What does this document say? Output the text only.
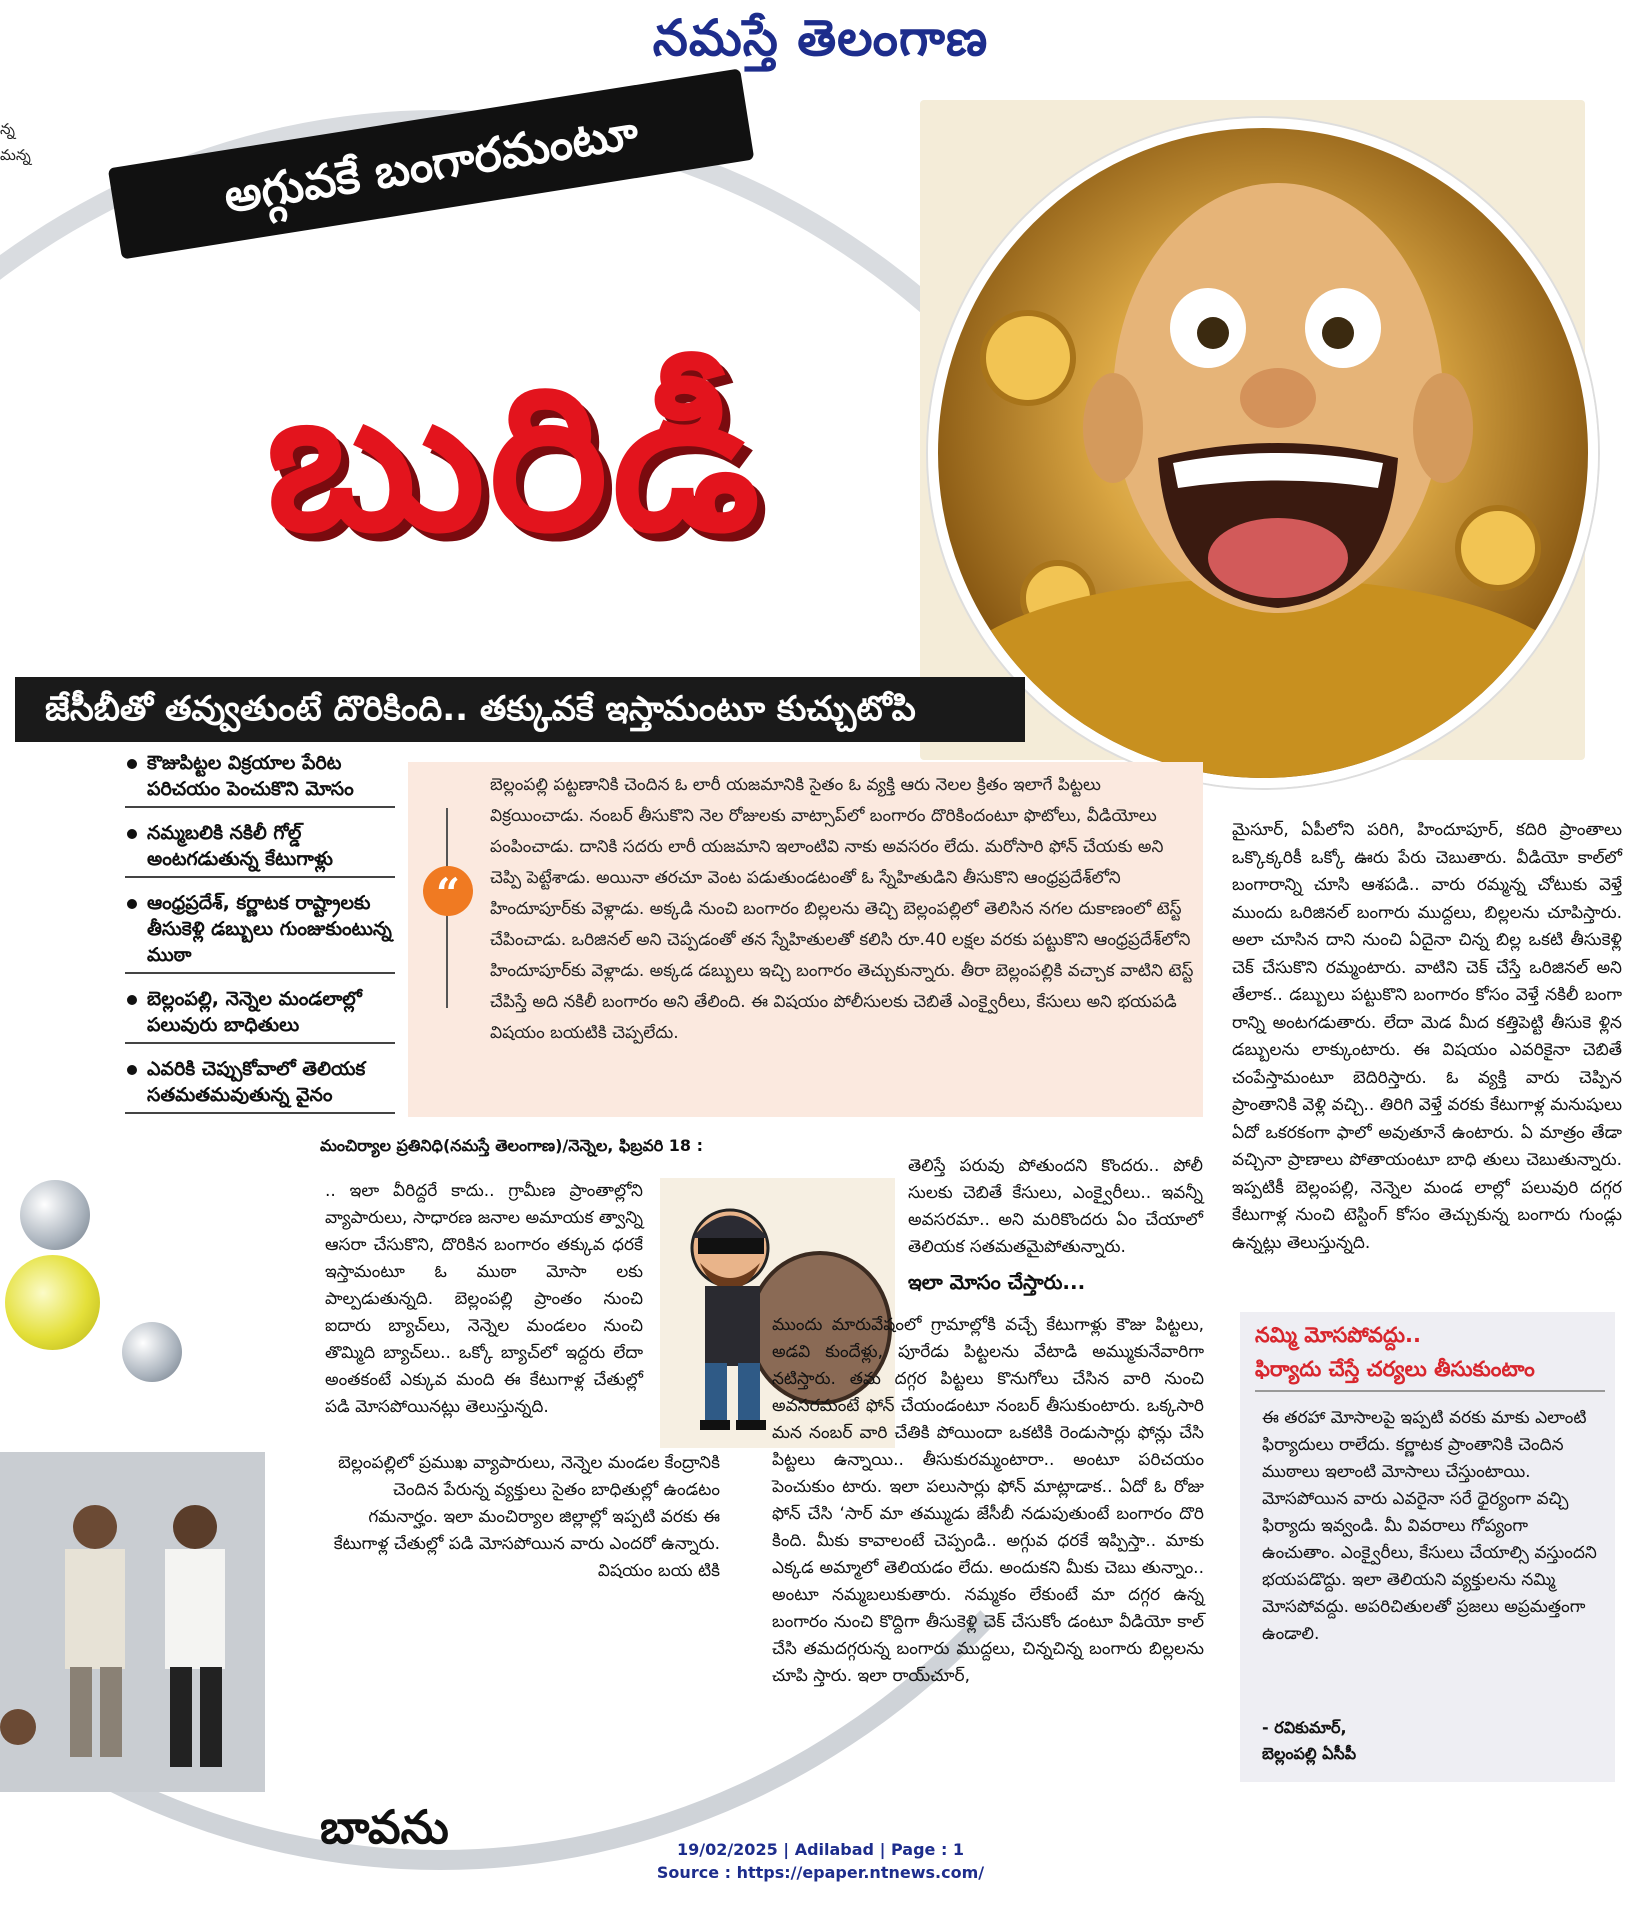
నమస్తే తెలంగాణ
న్న
మన్న	అగ్గువకే బంగారమంటూ
బురిడీ
జేసీబీతో తవ్వుతుంటే దొరికింది.. తక్కువకే ఇస్తామంటూ కుచ్చుటోపి
కౌజుపిట్టల విక్రయాల పేరిట పరిచయం పెంచుకొని మోసం
నమ్మబలికి నకిలీ గోల్డ్ అంటగడుతున్న కేటుగాళ్లు
ఆంధ్రప్రదేశ్, కర్ణాటక రాష్ట్రాలకు తీసుకెళ్లి డబ్బులు గుంజుకుంటున్న ముఠా
బెల్లంపల్లి, నెన్నెల మండలాల్లో పలువురు బాధితులు
ఎవరికి చెప్పుకోవాలో తెలియక సతమతమవుతున్న వైనం
“
బెల్లంపల్లి పట్టణానికి చెందిన ఓ లారీ యజమానికి సైతం ఓ వ్యక్తి ఆరు నెలల క్రితం ఇలాగే పిట్టలు విక్రయించాడు. నంబర్ తీసుకొని నెల రోజులకు వాట్సాప్‌లో బంగారం దొరికిందంటూ ఫొటోలు, వీడియోలు పంపించాడు. దానికి సదరు లారీ యజమాని ఇలాంటివి నాకు అవసరం లేదు. మరోసారి ఫోన్ చేయకు అని చెప్పి పెట్టేశాడు. అయినా తరచూ వెంట పడుతుండటంతో ఓ స్నేహితుడిని తీసుకొని ఆంధ్రప్రదేశ్‌లోని హిందూపూర్‌కు వెళ్లాడు. అక్కడి నుంచి బంగారం బిల్లలను తెచ్చి బెల్లంపల్లిలో తెలిసిన నగల దుకాణంలో టెస్ట్ చేపించాడు. ఒరిజినల్ అని చెప్పడంతో తన స్నేహితులతో కలిసి రూ.40 లక్షల వరకు పట్టుకొని ఆంధ్రప్రదేశ్‌లోని హిందూపూర్‌కు వెళ్లాడు. అక్కడ డబ్బులు ఇచ్చి బంగారం తెచ్చుకున్నారు. తీరా బెల్లంపల్లికి వచ్చాక వాటిని టెస్ట్ చేపిస్తే అది నకిలీ బంగారం అని తేలింది. ఈ విషయం పోలీసులకు చెబితే ఎంక్వైరీలు, కేసులు అని భయపడి విషయం బయటికి చెప్పలేదు.
మంచిర్యాల ప్రతినిధి(నమస్తే తెలంగాణ)/నెన్నెల, ఫిబ్రవరి 18 :
.. ఇలా వీరిద్దరే కాదు.. గ్రామీణ ప్రాంతాల్లోని వ్యాపారులు, సాధారణ జనాల అమాయక త్వాన్ని ఆసరా చేసుకొని, దొరికిన బంగారం తక్కువ ధరకే ఇస్తామంటూ ఓ ముఠా మోసా లకు పాల్పడుతున్నది. బెల్లంపల్లి ప్రాంతం నుంచి ఐదారు బ్యాచ్‌లు, నెన్నెల మండలం నుంచి తొమ్మిది బ్యాచ్‌లు.. ఒక్కో బ్యాచ్‌లో ఇద్దరు లేదా అంతకంటే ఎక్కువ మంది ఈ కేటుగాళ్ల చేతుల్లో పడి మోసపోయినట్లు తెలుస్తున్నది.
బెల్లంపల్లిలో ప్రముఖ వ్యాపారులు, నెన్నెల మండల కేంద్రానికి చెందిన పేరున్న వ్యక్తులు సైతం బాధితుల్లో ఉండటం గమనార్హం. ఇలా మంచిర్యాల జిల్లాల్లో ఇప్పటి వరకు ఈ కేటుగాళ్ల చేతుల్లో పడి మోసపోయిన వారు ఎందరో ఉన్నారు. విషయం బయ టికి
తెలిస్తే పరువు పోతుందని కొందరు.. పోలీ సులకు చెబితే కేసులు, ఎంక్వైరీలు.. ఇవన్నీ అవసరమా.. అని మరికొందరు ఏం చేయాలో తెలియక సతమతమైపోతున్నారు.
ఇలా మోసం చేస్తారు...
ముందు మారువేషంలో గ్రామాల్లోకి వచ్చే కేటుగాళ్లు కౌజు పిట్టలు, అడవి కుందేళ్లు, పూరేడు పిట్టలను వేటాడి అమ్ముకునేవారిగా నటిస్తారు. తమ దగ్గర పిట్టలు కొనుగోలు చేసిన వారి నుంచి అవసరమంటే ఫోన్ చేయండంటూ నంబర్ తీసుకుంటారు. ఒక్కసారి మన నంబర్ వారి చేతికి పోయిందా ఒకటికి రెండుసార్లు ఫోన్లు చేసి పిట్టలు ఉన్నాయి.. తీసుకురమ్మంటారా.. అంటూ పరిచయం పెంచుకుం టారు. ఇలా పలుసార్లు ఫోన్ మాట్లాడాక.. ఏదో ఓ రోజు ఫోన్ చేసి ‘సార్ మా తమ్ముడు జేసీబీ నడుపుతుంటే బంగారం దొరి కింది. మీకు కావాలంటే చెప్పండి.. అగ్గువ ధరకే ఇప్పిస్తా.. మాకు ఎక్కడ అమ్మాలో తెలియడం లేదు. అందుకని మీకు చెబు తున్నాం.. అంటూ నమ్మబలుకుతారు. నమ్మకం లేకుంటే మా దగ్గర ఉన్న బంగారం నుంచి కొద్దిగా తీసుకెళ్లి చెక్ చేసుకోం డంటూ వీడియో కాల్ చేసి తమదగ్గరున్న బంగారు ముద్దలు, చిన్నచిన్న బంగారు బిల్లలను చూపి స్తారు. ఇలా రాయ్‌చూర్,
మైసూర్, ఏపీలోని పరిగి, హిందూపూర్, కదిరి ప్రాంతాలు ఒక్కొక్కరికీ ఒక్కో ఊరు పేరు చెబుతారు. వీడియో కాల్‌లో బంగారాన్ని చూసి ఆశపడి.. వారు రమ్మన్న చోటుకు వెళ్తే ముందు ఒరిజినల్ బంగారు ముద్దలు, బిల్లలను చూపిస్తారు. అలా చూసిన దాని నుంచి ఏదైనా చిన్న బిల్ల ఒకటి తీసుకెళ్లి చెక్ చేసుకొని రమ్మంటారు. వాటిని చెక్ చేస్తే ఒరిజినల్ అని తేలాక.. డబ్బులు పట్టుకొని బంగారం కోసం వెళ్తే నకిలీ బంగా రాన్ని అంటగడుతారు. లేదా మెడ మీద కత్తిపెట్టి తీసుకె ళ్లిన డబ్బులను లాక్కుంటారు. ఈ విషయం ఎవరికైనా చెబితే చంపేస్తామంటూ బెదిరిస్తారు. ఓ వ్యక్తి వారు చెప్పిన ప్రాంతానికి వెళ్లి వచ్చి.. తిరిగి వెళ్తే వరకు కేటుగాళ్ల మనుషులు ఏదో ఒకరకంగా ఫాలో అవుతూనే ఉంటారు. ఏ మాత్రం తేడా వచ్చినా ప్రాణాలు పోతాయంటూ బాధి తులు చెబుతున్నారు. ఇప్పటికీ బెల్లంపల్లి, నెన్నెల మండ లాల్లో పలువురి దగ్గర కేటుగాళ్ల నుంచి టెస్టింగ్ కోసం తెచ్చుకున్న బంగారు గుండ్లు ఉన్నట్లు తెలుస్తున్నది.
నమ్మి మోసపోవద్దు..
ఫిర్యాదు చేస్తే చర్యలు తీసుకుంటాం
ఈ తరహా మోసాలపై ఇప్పటి వరకు మాకు ఎలాంటి ఫిర్యాదులు రాలేదు. కర్ణాటక ప్రాంతానికి చెందిన ముఠాలు ఇలాంటి మోసాలు చేస్తుంటాయి. మోసపోయిన వారు ఎవరైనా సరే ధైర్యంగా వచ్చి ఫిర్యాదు ఇవ్వండి. మీ వివరాలు గోప్యంగా ఉంచుతాం. ఎంక్వైరీలు, కేసులు చేయాల్సి వస్తుందని భయపడొద్దు. ఇలా తెలియని వ్యక్తులను నమ్మి మోసపోవద్దు. అపరిచితులతో ప్రజలు అప్రమత్తంగా ఉండాలి.
- రవికుమార్,
బెల్లంపల్లి ఏసీపీ
బావను	19/02/2025 | Adilabad | Page : 1
Source : https://epaper.ntnews.com/
